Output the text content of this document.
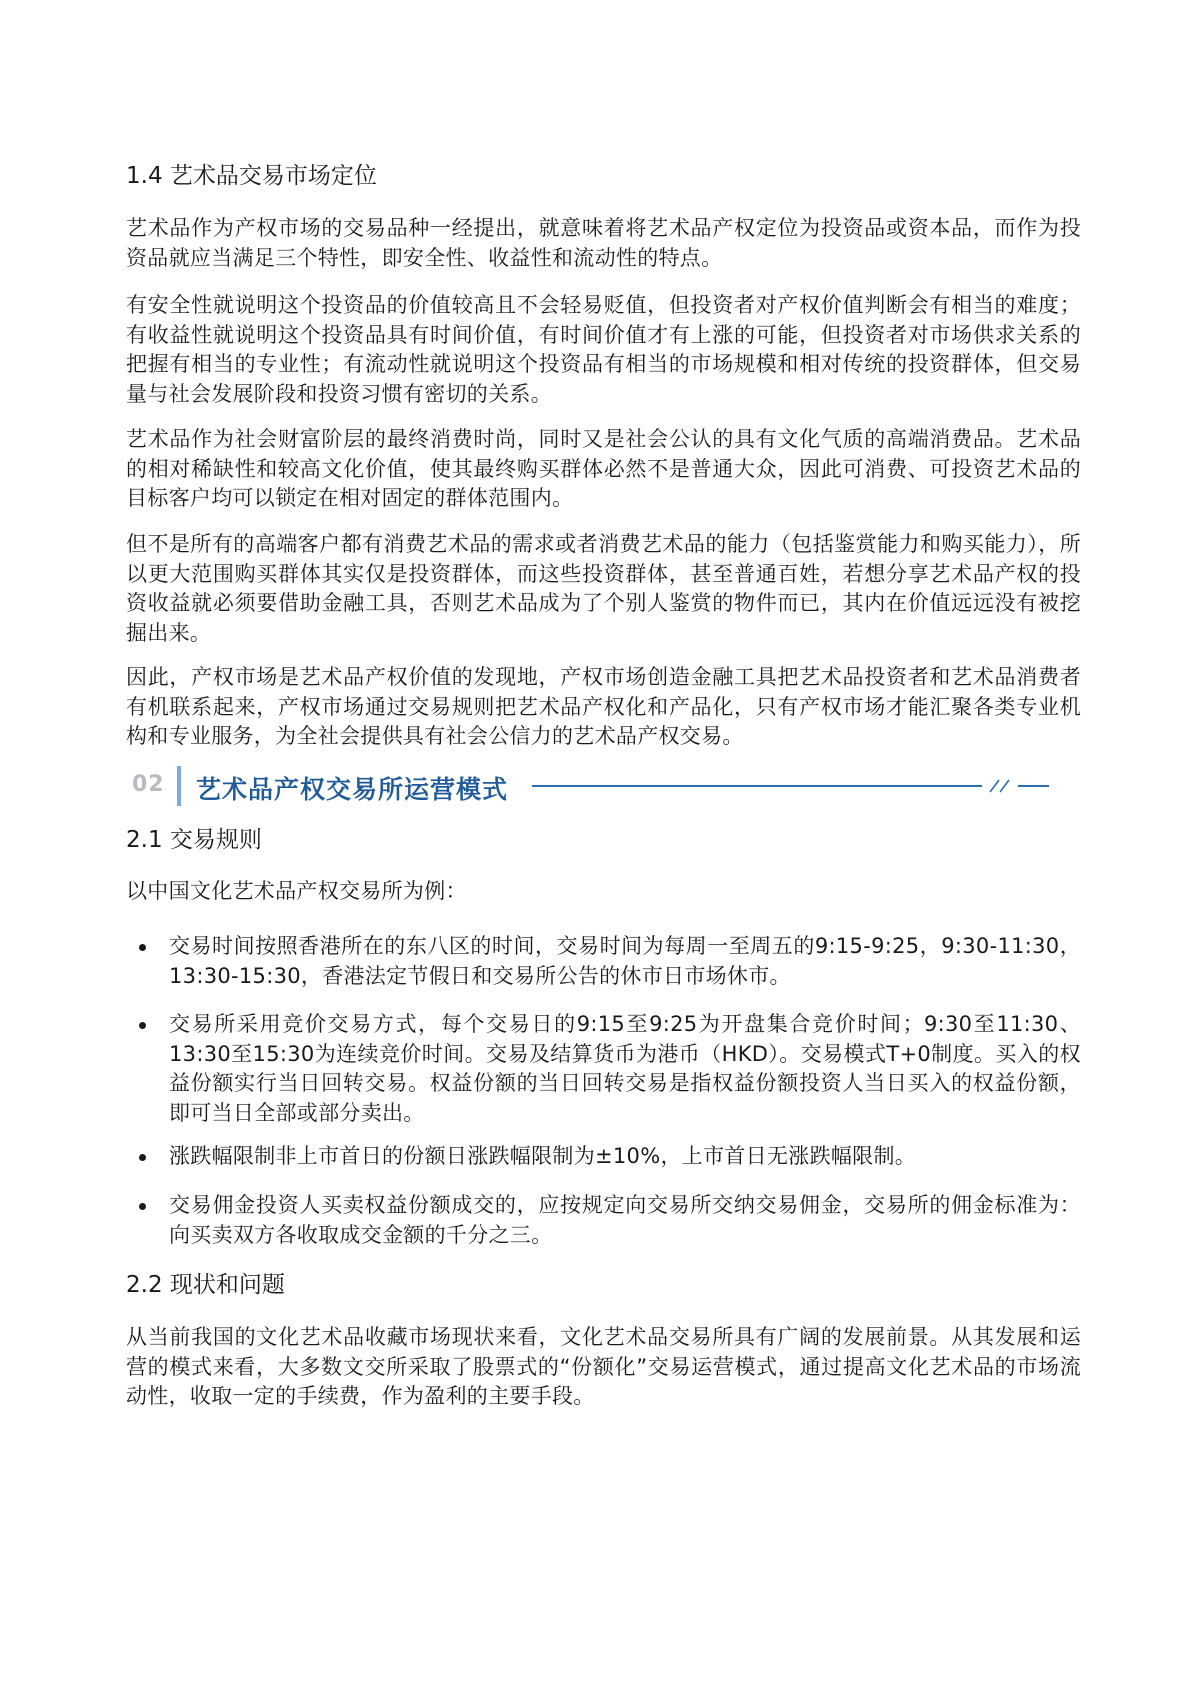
1.4 艺术品交易市场定位

艺术品作为产权市场的交易品种一经提出，就意味着将艺术品产权定位为投资品或资本品，而作为投资品就应当满足三个特性，即安全性、收益性和流动性的特点。

有安全性就说明这个投资品的价值较高且不会轻易贬值，但投资者对产权价值判断会有相当的难度；有收益性就说明这个投资品具有时间价值，有时间价值才有上涨的可能，但投资者对市场供求关系的把握有相当的专业性；有流动性就说明这个投资品有相当的市场规模和相对传统的投资群体，但交易量与社会发展阶段和投资习惯有密切的关系。

艺术品作为社会财富阶层的最终消费时尚，同时又是社会公认的具有文化气质的高端消费品。艺术品的相对稀缺性和较高文化价值，使其最终购买群体必然不是普通大众，因此可消费、可投资艺术品的目标客户均可以锁定在相对固定的群体范围内。

但不是所有的高端客户都有消费艺术品的需求或者消费艺术品的能力（包括鉴赏能力和购买能力），所以更大范围购买群体其实仅是投资群体，而这些投资群体，甚至普通百姓，若想分享艺术品产权的投资收益就必须要借助金融工具，否则艺术品成为了个别人鉴赏的物件而已，其内在价值远远没有被挖掘出来。

因此，产权市场是艺术品产权价值的发现地，产权市场创造金融工具把艺术品投资者和艺术品消费者有机联系起来，产权市场通过交易规则把艺术品产权化和产品化，只有产权市场才能汇聚各类专业机构和专业服务，为全社会提供具有社会公信力的艺术品产权交易。

02 艺术品产权交易所运营模式
2.1 交易规则

以中国文化艺术品产权交易所为例：

交易时间按照香港所在的东八区的时间，交易时间为每周一至周五的9:15-9:25，9:30-11:30，13:30-15:30，香港法定节假日和交易所公告的休市日市场休市。

交易所采用竞价交易方式，每个交易日的9:15至9:25为开盘集合竞价时间；9:30至11:30、13:30至15:30为连续竞价时间。交易及结算货币为港币（HKD）。交易模式T+0制度。买入的权益份额实行当日回转交易。权益份额的当日回转交易是指权益份额投资人当日买入的权益份额，即可当日全部或部分卖出。

涨跌幅限制非上市首日的份额日涨跌幅限制为±10%，上市首日无涨跌幅限制。

交易佣金投资人买卖权益份额成交的，应按规定向交易所交纳交易佣金，交易所的佣金标准为：向买卖双方各收取成交金额的千分之三。

2.2 现状和问题

从当前我国的文化艺术品收藏市场现状来看，文化艺术品交易所具有广阔的发展前景。从其发展和运营的模式来看，大多数文交所采取了股票式的“份额化”交易运营模式，通过提高文化艺术品的市场流动性，收取一定的手续费，作为盈利的主要手段。
